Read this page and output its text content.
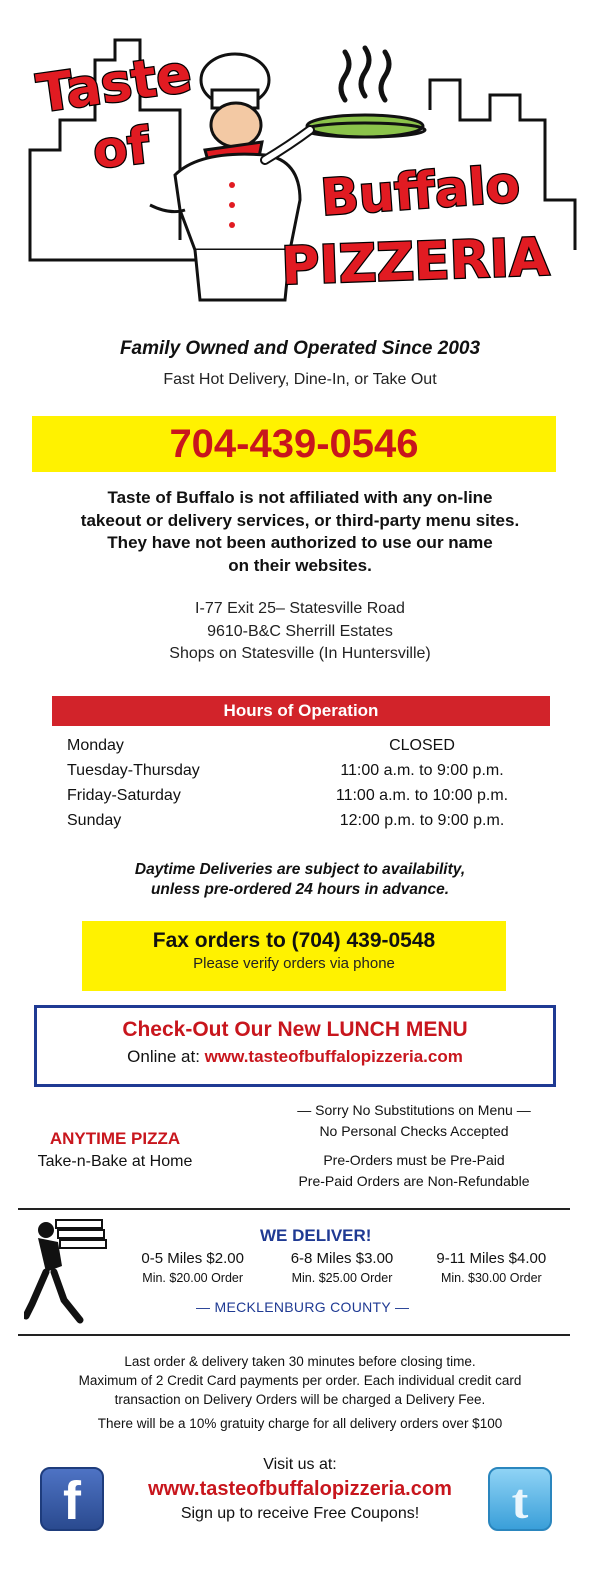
Taste
of
Buffalo
PIZZERIA
Family Owned and Operated Since 2003
Fast Hot Delivery, Dine-In, or Take Out
704-439-0546
Taste of Buffalo is not affiliated with any on-line
takeout or delivery services, or third-party menu sites.
They have not been authorized to use our name
on their websites.
I-77 Exit 25– Statesville Road
9610-B&C Sherrill Estates
Shops on Statesville (In Huntersville)
Hours of Operation
Monday	CLOSED
Tuesday-Thursday	11:00 a.m. to 9:00 p.m.
Friday-Saturday	11:00 a.m. to 10:00 p.m.
Sunday	12:00 p.m. to 9:00 p.m.
Daytime Deliveries are subject to availability,
unless pre-ordered 24 hours in advance.
Fax orders to (704) 439-0548
Please verify orders via phone
Check-Out Our New LUNCH MENU
Online at: www.tasteofbuffalopizzeria.com
ANYTIME PIZZA
Take-n-Bake at Home
— Sorry No Substitutions on Menu —
No Personal Checks Accepted
Pre-Orders must be Pre-Paid
Pre-Paid Orders are Non-Refundable
WE DELIVER!
0-5 Miles $2.00
Min. $20.00 Order
6-8 Miles $3.00
Min. $25.00 Order
9-11 Miles $4.00
Min. $30.00 Order
— MECKLENBURG COUNTY —
Last order & delivery taken 30 minutes before closing time.
Maximum of 2 Credit Card payments per order. Each individual credit card
transaction on Delivery Orders will be charged a Delivery Fee.
There will be a 10% gratuity charge for all delivery orders over $100
f	t
Visit us at:
www.tasteofbuffalopizzeria.com
Sign up to receive Free Coupons!
